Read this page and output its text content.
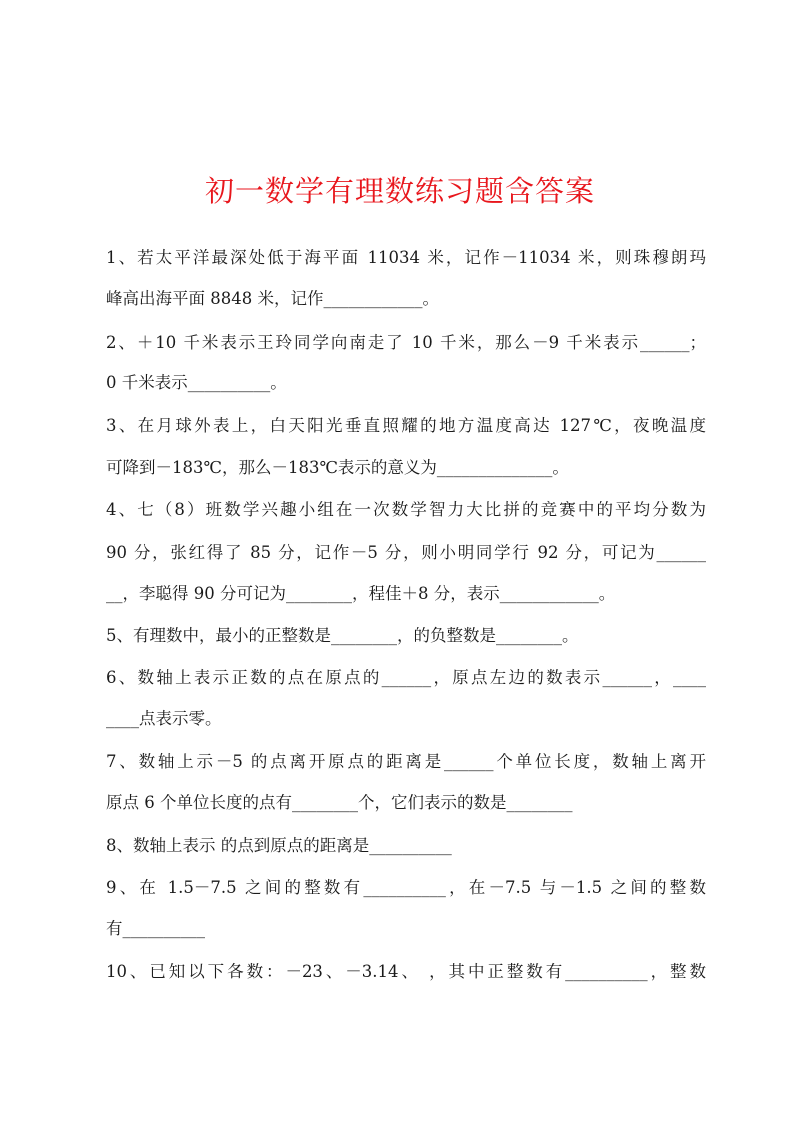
初一数学有理数练习题含答案
1、若太平洋最深处低于海平面 11034 米，记作－11034 米，则珠穆朗玛
峰高出海平面 8848 米，记作____________。
2、＋10 千米表示王玲同学向南走了 10 千米，那么－9 千米表示______；
0 千米表示__________。
3、在月球外表上，白天阳光垂直照耀的地方温度高达 127℃，夜晚温度
可降到－183℃，那么－183℃表示的意义为______________。
4、七（8）班数学兴趣小组在一次数学智力大比拼的竞赛中的平均分数为
90 分，张红得了 85 分，记作－5 分，则小明同学行 92 分，可记为______
__，李聪得 90 分可记为________，程佳＋8 分，表示____________。
5、有理数中，最小的正整数是________，的负整数是________。
6、数轴上表示正数的点在原点的______，原点左边的数表示______，____
____点表示零。
7、数轴上示－5 的点离开原点的距离是______个单位长度，数轴上离开
原点 6 个单位长度的点有________个，它们表示的数是________
8、数轴上表示 的点到原点的距离是__________
9、在 1.5－7.5 之间的整数有__________，在－7.5 与－1.5 之间的整数
有__________
10、已知以下各数：－23、－3.14、 ，其中正整数有__________，整数
